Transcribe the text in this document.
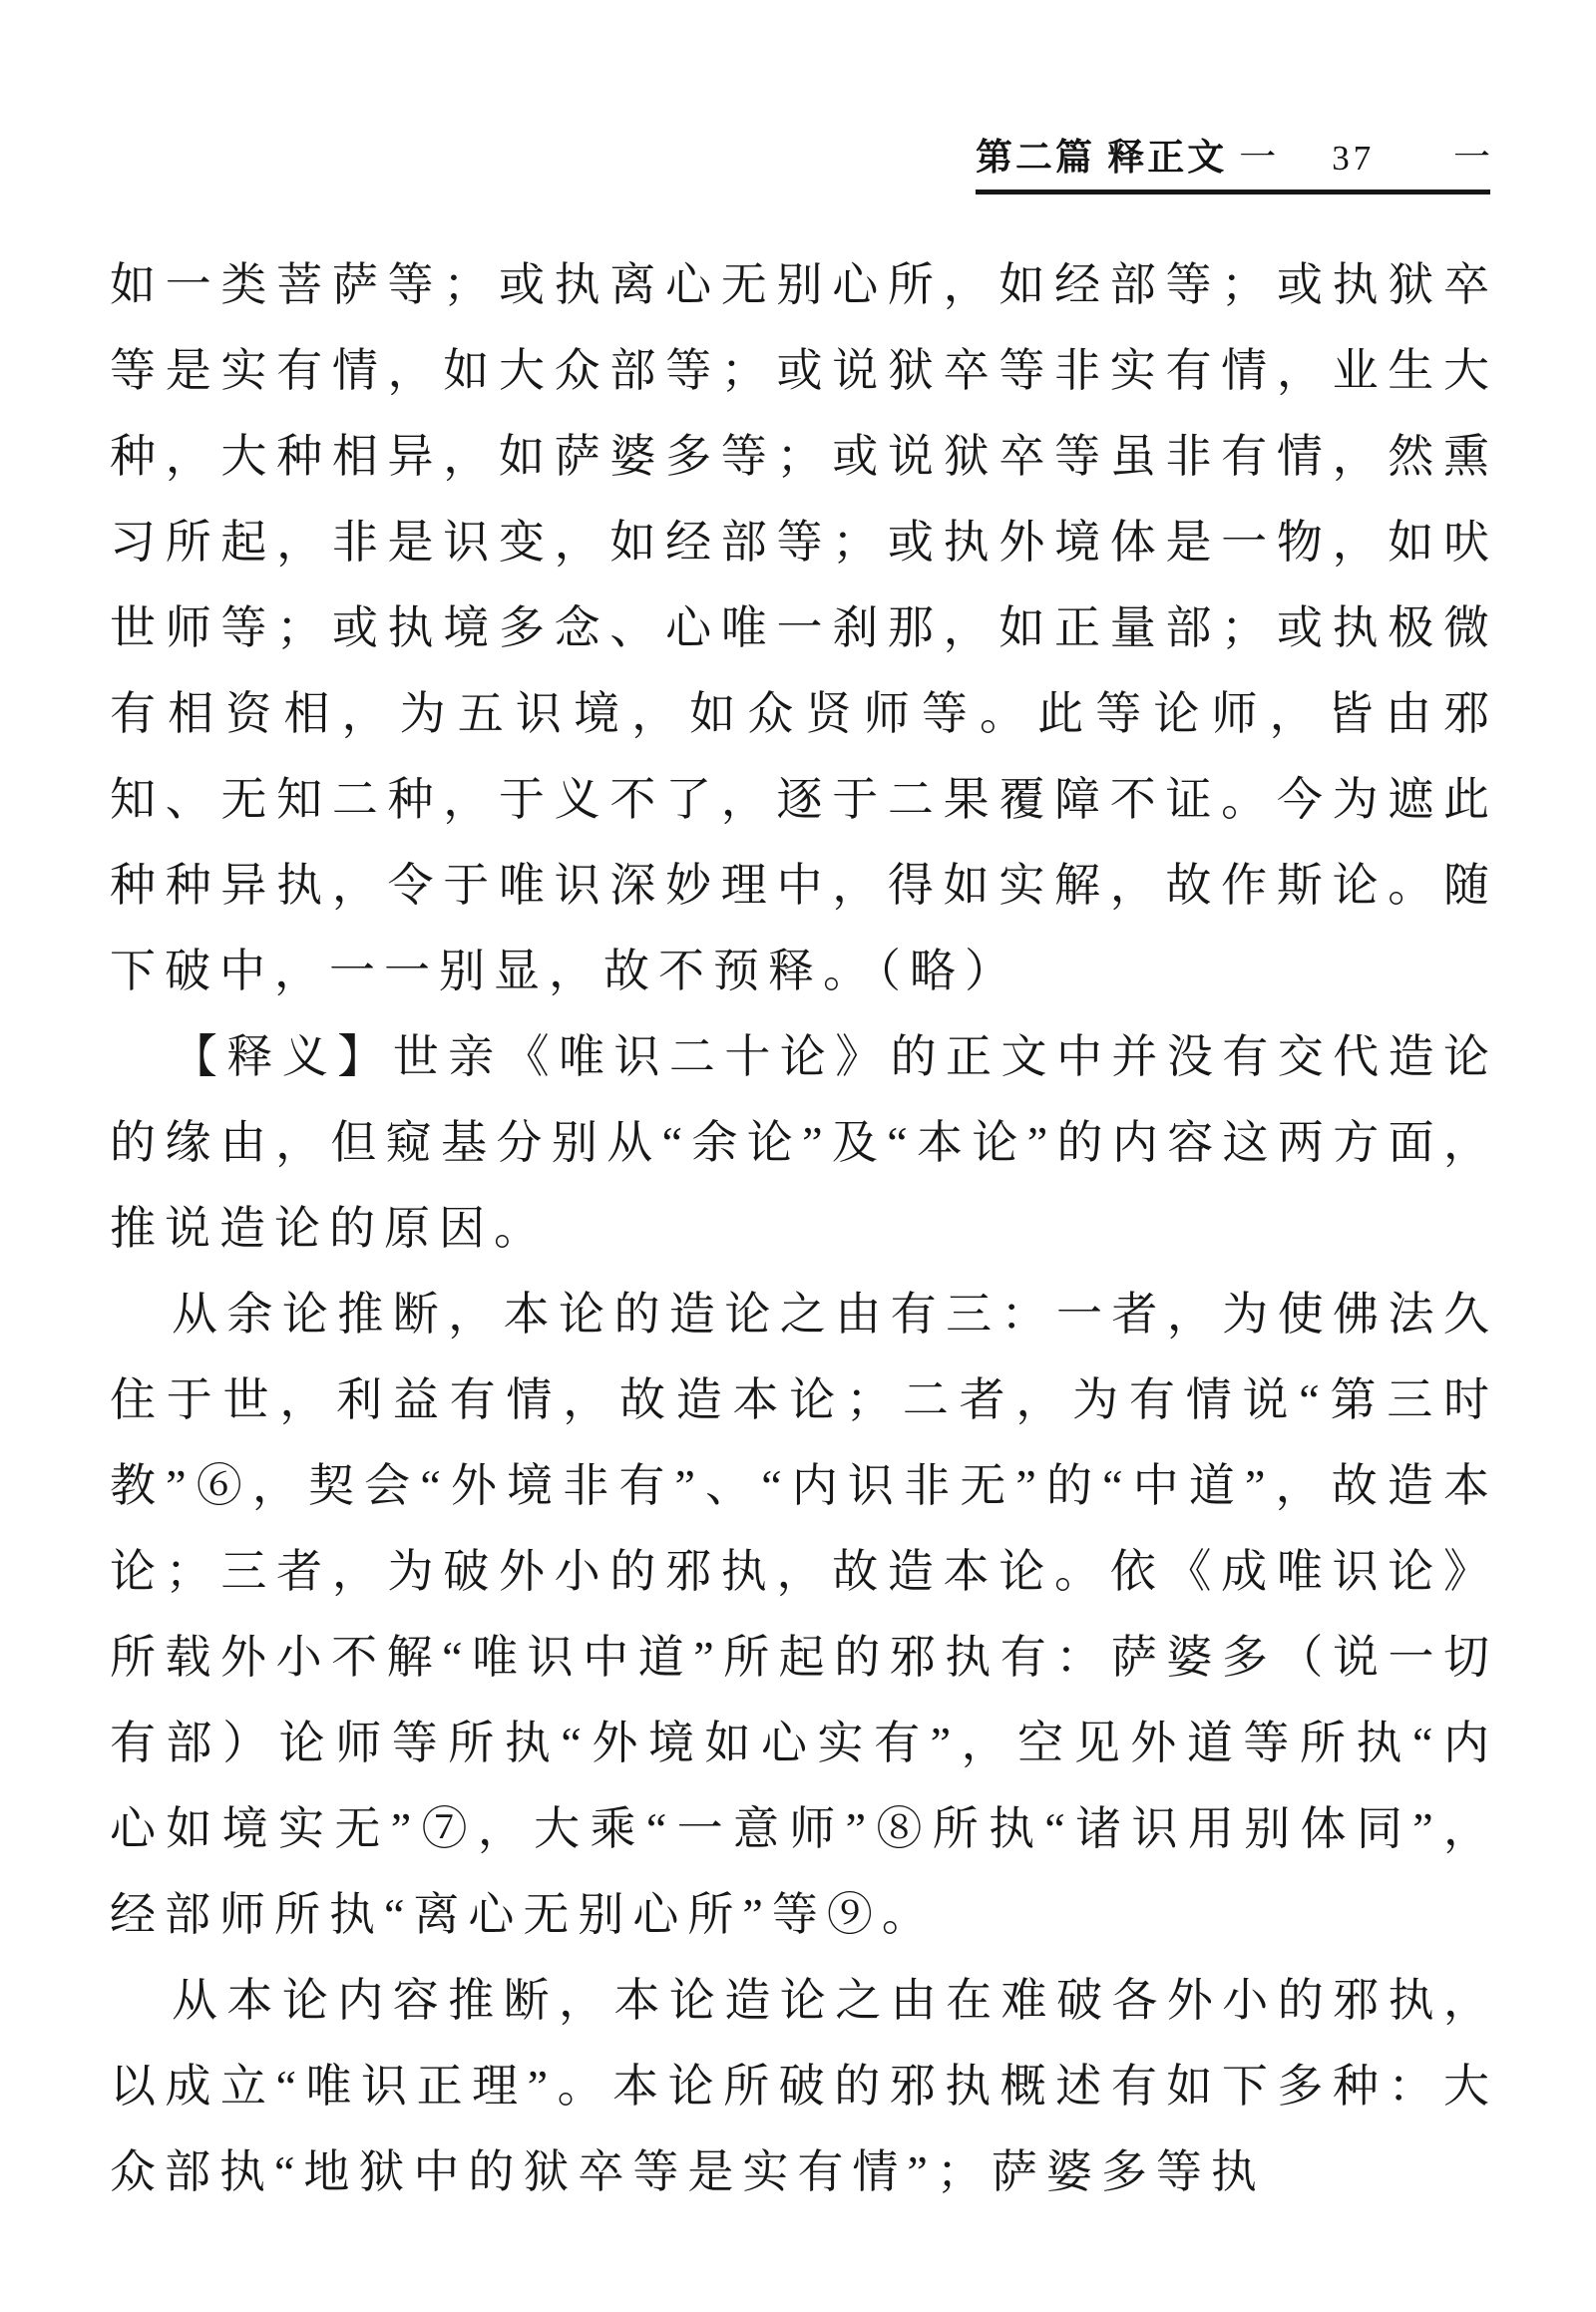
第二篇 释正文 一 37 一

如一类菩萨等；或执离心无别心所，如经部等；或执狱卒等是实有情，如大众部等；或说狱卒等非实有情，业生大种，大种相异，如萨婆多等；或说狱卒等虽非有情，然熏习所起，非是识变，如经部等；或执外境体是一物，如吠世师等；或执境多念、心唯一刹那，如正量部；或执极微有相资相，为五识境，如众贤师等。此等论师，皆由邪知、无知二种，于义不了，逐于二果覆障不证。今为遮此种种异执，令于唯识深妙理中，得如实解，故作斯论。随下破中，一一别显，故不预释。（略）

【释义】世亲《唯识二十论》的正文中并没有交代造论的缘由，但窥基分别从“余论”及“本论”的内容这两方面，推说造论的原因。

从余论推断，本论的造论之由有三：一者，为使佛法久住于世，利益有情，故造本论；二者，为有情说“第三时教”⑥，契会“外境非有”、“内识非无”的“中道”，故造本论；三者，为破外小的邪执，故造本论。依《成唯识论》所载外小不解“唯识中道”所起的邪执有：萨婆多（说一切有部）论师等所执“外境如心实有”，空见外道等所执“内心如境实无”⑦，大乘“一意师”⑧所执“诸识用别体同”，经部师所执“离心无别心所”等⑨。

从本论内容推断，本论造论之由在难破各外小的邪执，以成立“唯识正理”。本论所破的邪执概述有如下多种：大众部执“地狱中的狱卒等是实有情”；萨婆多等执
